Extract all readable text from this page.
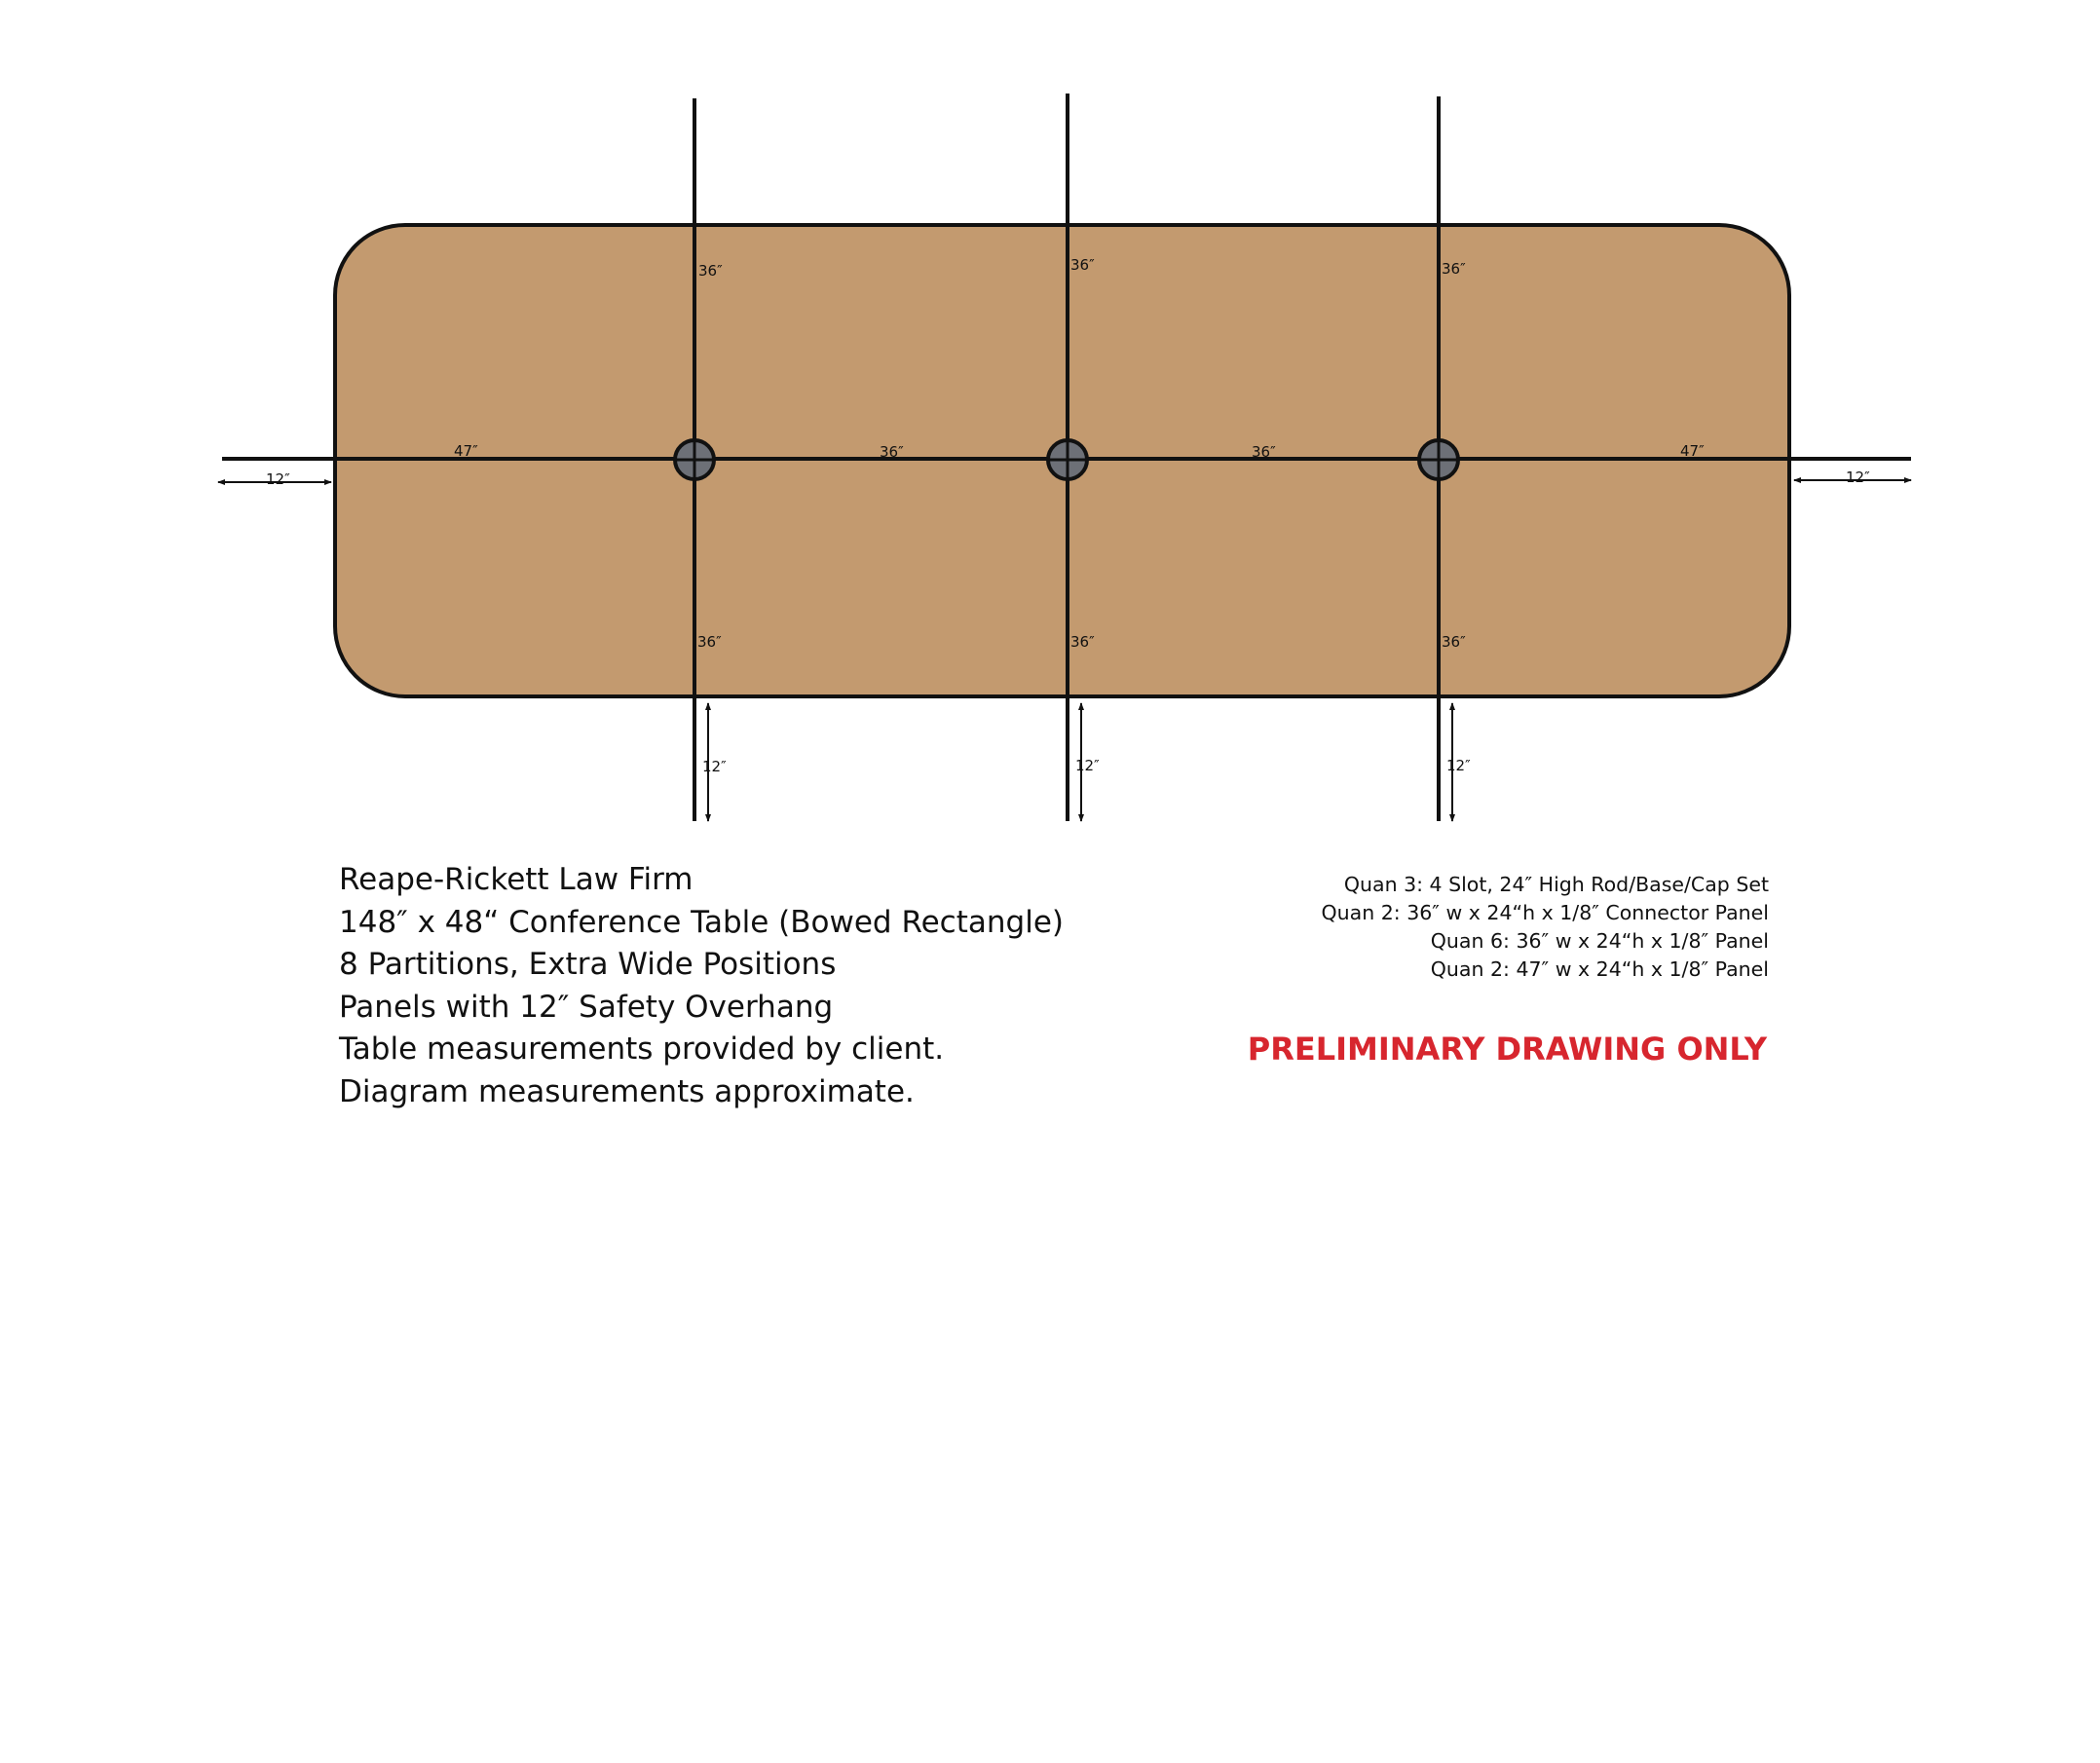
36″	36″	36″
36″	36″	36″
47″	36″	36″	47″
12″	12″
12″	12″	12″
Reape-Rickett Law Firm
148″ x 48“ Conference Table (Bowed Rectangle)
8 Partitions, Extra Wide Positions
Panels with 12″ Safety Overhang
Table measurements provided by client.
Diagram measurements approximate.
Quan 3: 4 Slot, 24″ High Rod/Base/Cap Set
Quan 2: 36″ w x 24“h x 1/8″ Connector Panel
Quan 6: 36″ w x 24“h x 1/8″ Panel
Quan 2: 47″ w x 24“h x 1/8″ Panel
PRELIMINARY DRAWING ONLY
